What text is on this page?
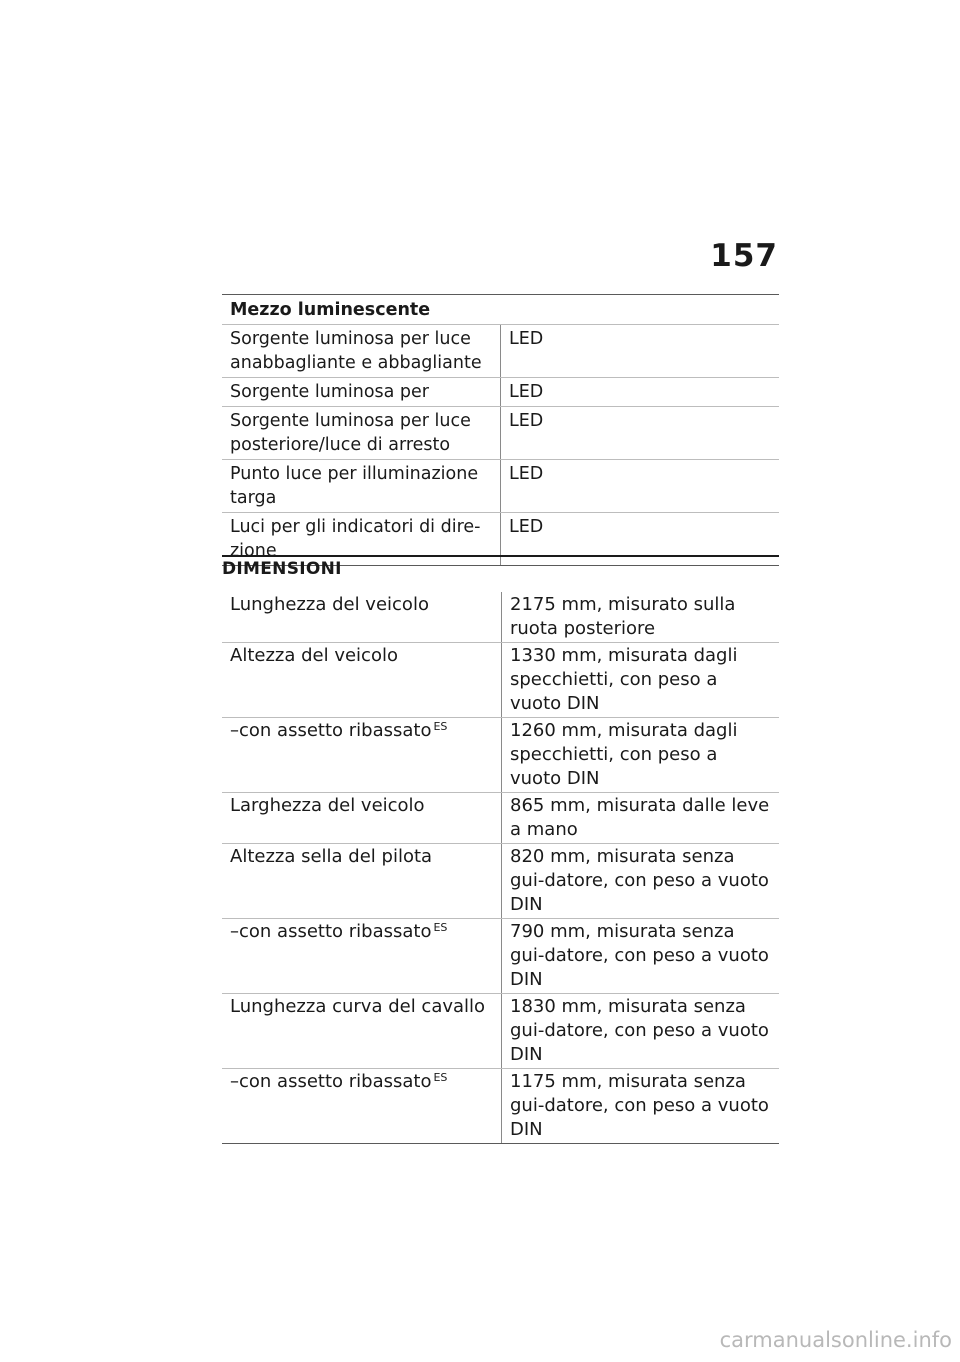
157
Mezzo luminescente	
Sorgente luminosa per luce anabbagliante e abbagliante	LED
Sorgente luminosa per	LED
Sorgente luminosa per luce posteriore/luce di arresto	LED
Punto luce per illuminazione targa	LED
Luci per gli indicatori di dire-zione	LED
DIMENSIONI
Lunghezza del veicolo	2175 mm, misurato sulla ruota posteriore
Altezza del veicolo	1330 mm, misurata dagli specchietti, con peso a vuoto DIN
–con assetto ribassato $^{ES}$	1260 mm, misurata dagli specchietti, con peso a vuoto DIN
Larghezza del veicolo	865 mm, misurata dalle leve a mano
Altezza sella del pilota	820 mm, misurata senza gui-datore, con peso a vuoto DIN
–con assetto ribassato $^{ES}$	790 mm, misurata senza gui-datore, con peso a vuoto DIN
Lunghezza curva del cavallo	1830 mm, misurata senza gui-datore, con peso a vuoto DIN
–con assetto ribassato $^{ES}$	1175 mm, misurata senza gui-datore, con peso a vuoto DIN
carmanualsonline.info
